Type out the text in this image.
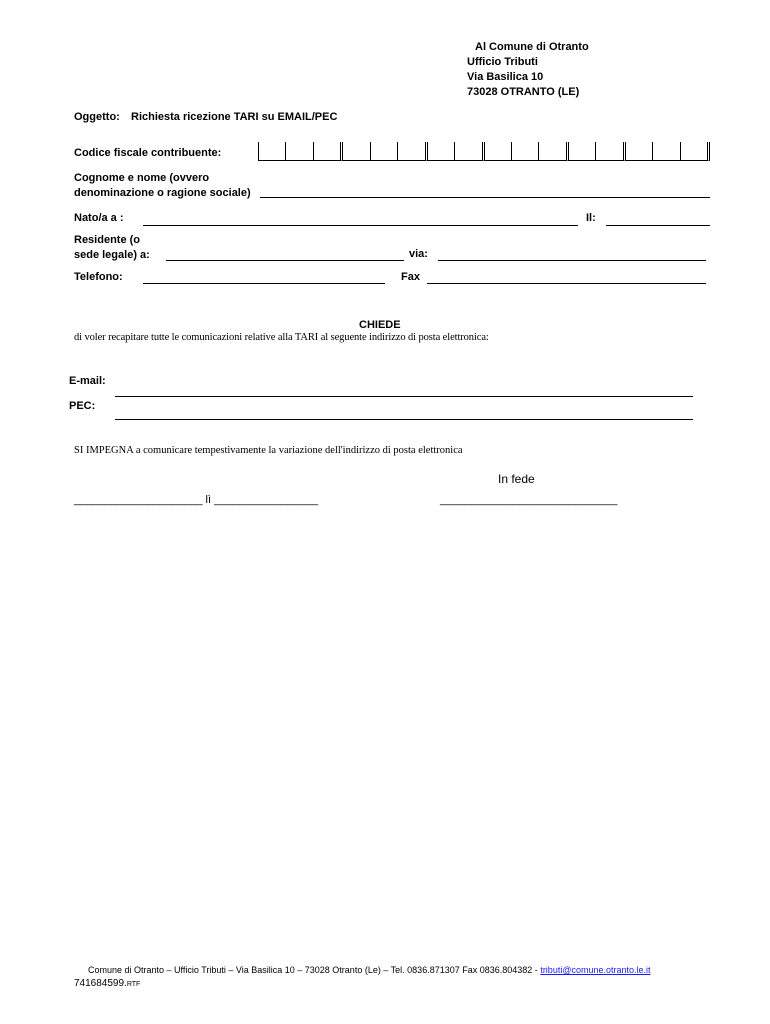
Al Comune di Otranto
Ufficio Tributi
Via Basilica 10
73028 OTRANTO (LE)
Oggetto: Richiesta ricezione TARI su EMAIL/PEC
Codice fiscale contribuente:
Cognome e nome (ovvero
denominazione o ragione sociale)
Nato/a a :	Il:
Residente (o
sede legale) a:	via:
Telefono:	Fax
CHIEDE
di voler recapitare tutte le comunicazioni relative alla TARI al seguente indirizzo di posta elettronica:
E-mail:
PEC:
SI IMPEGNA a comunicare tempestivamente la variazione dell'indirizzo di posta elettronica
In fede
_____________________ lì _________________	_____________________________
Comune di Otranto – Ufficio Tributi – Via Basilica 10 – 73028 Otranto (Le) – Tel. 0836.871307 Fax 0836.804382 - tributi@comune.otranto.le.it
741684599.RTF
